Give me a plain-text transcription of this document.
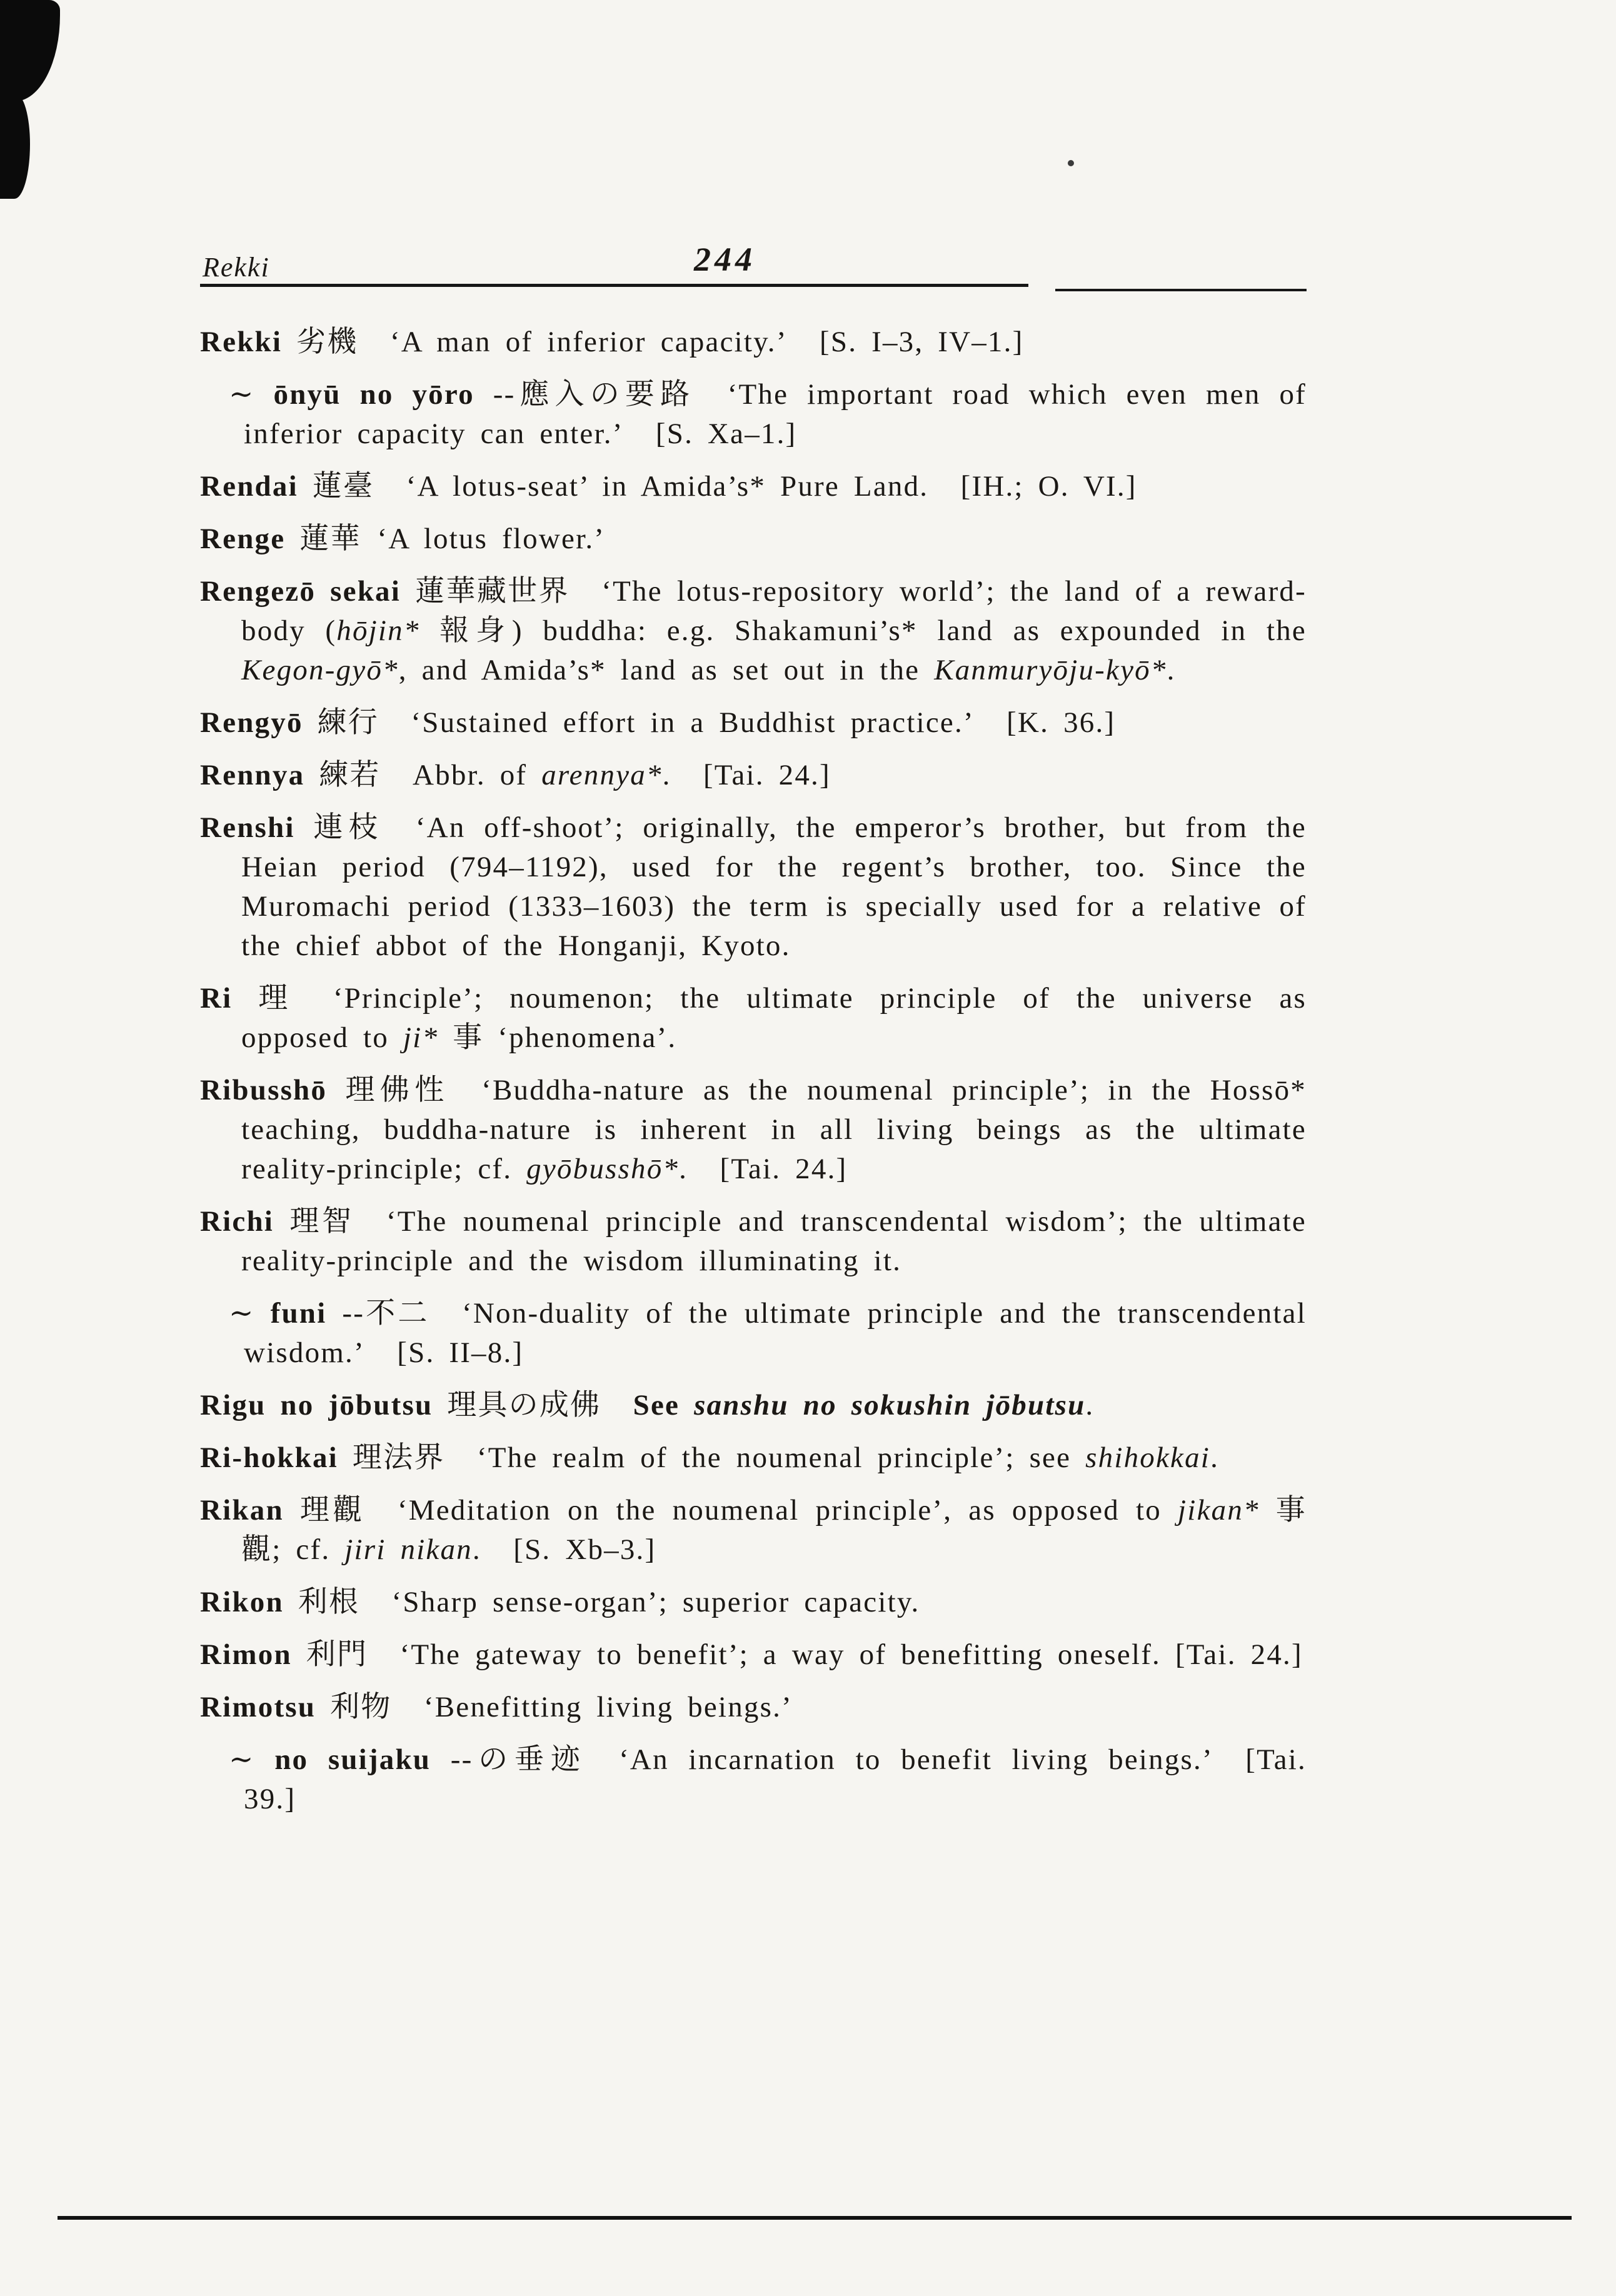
Rekki	244

Rekki 劣機  ‘A man of inferior capacity.’  [S. I–3, IV–1.]

∼ ōnyū no yōro --應入の要路  ‘The important road which even men of inferior capacity can enter.’  [S. Xa–1.]

Rendai 蓮臺  ‘A lotus-seat’ in Amida’s* Pure Land.  [IH.; O. VI.]

Renge 蓮華 ‘A lotus flower.’

Rengezō sekai 蓮華藏世界  ‘The lotus-repository world’; the land of a reward-body (hōjin* 報身) buddha: e.g. Shakamuni’s* land as expounded in the Kegon-gyō*, and Amida’s* land as set out in the Kanmuryōju-kyō*.

Rengyō 練行  ‘Sustained effort in a Buddhist practice.’  [K. 36.]

Rennya 練若  Abbr. of arennya*.  [Tai. 24.]

Renshi 連枝  ‘An off-shoot’; originally, the emperor’s brother, but from the Heian period (794–1192), used for the regent’s brother, too. Since the Muromachi period (1333–1603) the term is specially used for a relative of the chief abbot of the Honganji, Kyoto.

Ri 理  ‘Principle’; noumenon; the ultimate principle of the universe as opposed to ji* 事 ‘phenomena’.

Ribusshō 理佛性  ‘Buddha-nature as the noumenal principle’; in the Hossō* teaching, buddha-nature is inherent in all living beings as the ultimate reality-principle; cf. gyōbusshō*.  [Tai. 24.]

Richi 理智  ‘The noumenal principle and transcendental wisdom’; the ultimate reality-principle and the wisdom illuminating it.

∼ funi --不二  ‘Non-duality of the ultimate principle and the transcendental wisdom.’  [S. II–8.]

Rigu no jōbutsu 理具の成佛  See sanshu no sokushin jōbutsu.

Ri-hokkai 理法界  ‘The realm of the noumenal principle’; see shihokkai.

Rikan 理觀  ‘Meditation on the noumenal principle’, as opposed to jikan* 事觀; cf. jiri nikan.  [S. Xb–3.]

Rikon 利根  ‘Sharp sense-organ’; superior capacity.

Rimon 利門  ‘The gateway to benefit’; a way of benefitting oneself. [Tai. 24.]

Rimotsu 利物  ‘Benefitting living beings.’

∼ no suijaku --の垂迹  ‘An incarnation to benefit living beings.’  [Tai. 39.]
